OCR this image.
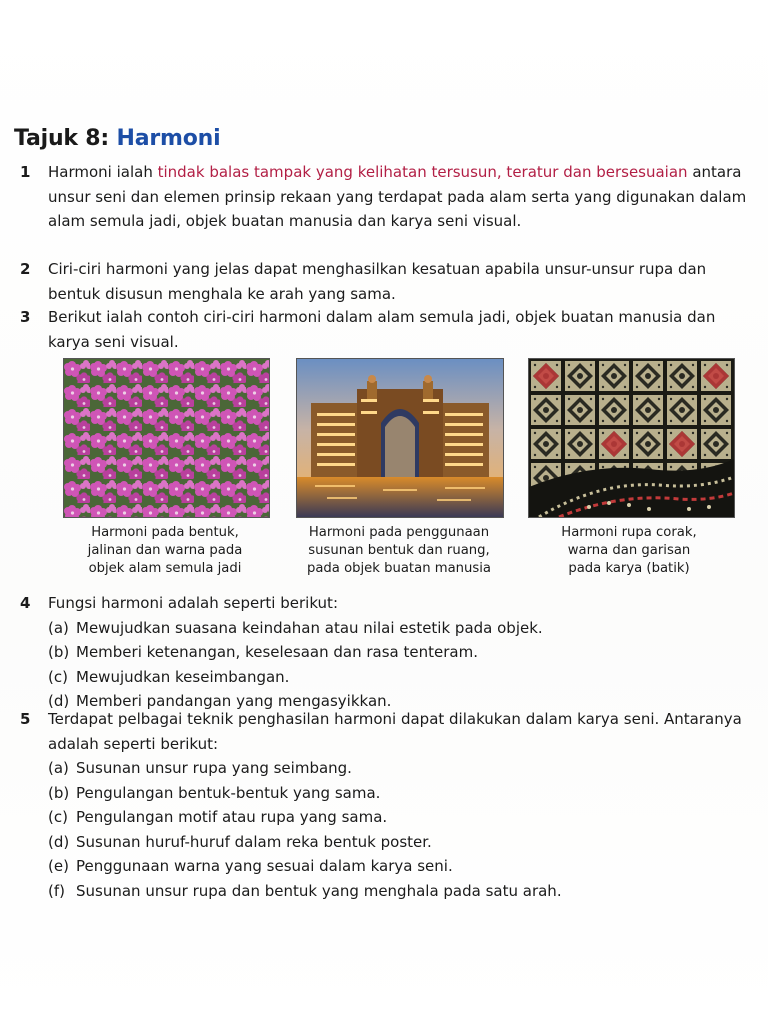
Tajuk 8: Harmoni
1 Harmoni ialah tindak balas tampak yang kelihatan tersusun, teratur dan bersesuaian antara unsur seni dan elemen prinsip rekaan yang terdapat pada alam serta yang digunakan dalam alam semula jadi, objek buatan manusia dan karya seni visual.
2 Ciri-ciri harmoni yang jelas dapat menghasilkan kesatuan apabila unsur-unsur rupa dan bentuk disusun menghala ke arah yang sama.
3 Berikut ialah contoh ciri-ciri harmoni dalam alam semula jadi, objek buatan manusia dan karya seni visual.
Harmoni pada bentuk,
jalinan dan warna pada
objek alam semula jadi
Harmoni pada penggunaan
susunan bentuk dan ruang,
pada objek buatan manusia
Harmoni rupa corak,
warna dan garisan
pada karya (batik)
4 Fungsi harmoni adalah seperti berikut:
(a) Mewujudkan suasana keindahan atau nilai estetik pada objek.
(b) Memberi ketenangan, keselesaan dan rasa tenteram.
(c) Mewujudkan keseimbangan.
(d) Memberi pandangan yang mengasyikkan.
5 Terdapat pelbagai teknik penghasilan harmoni dapat dilakukan dalam karya seni. Antaranya adalah seperti berikut:
(a) Susunan unsur rupa yang seimbang.
(b) Pengulangan bentuk-bentuk yang sama.
(c) Pengulangan motif atau rupa yang sama.
(d) Susunan huruf-huruf dalam reka bentuk poster.
(e) Penggunaan warna yang sesuai dalam karya seni.
(f) Susunan unsur rupa dan bentuk yang menghala pada satu arah.
